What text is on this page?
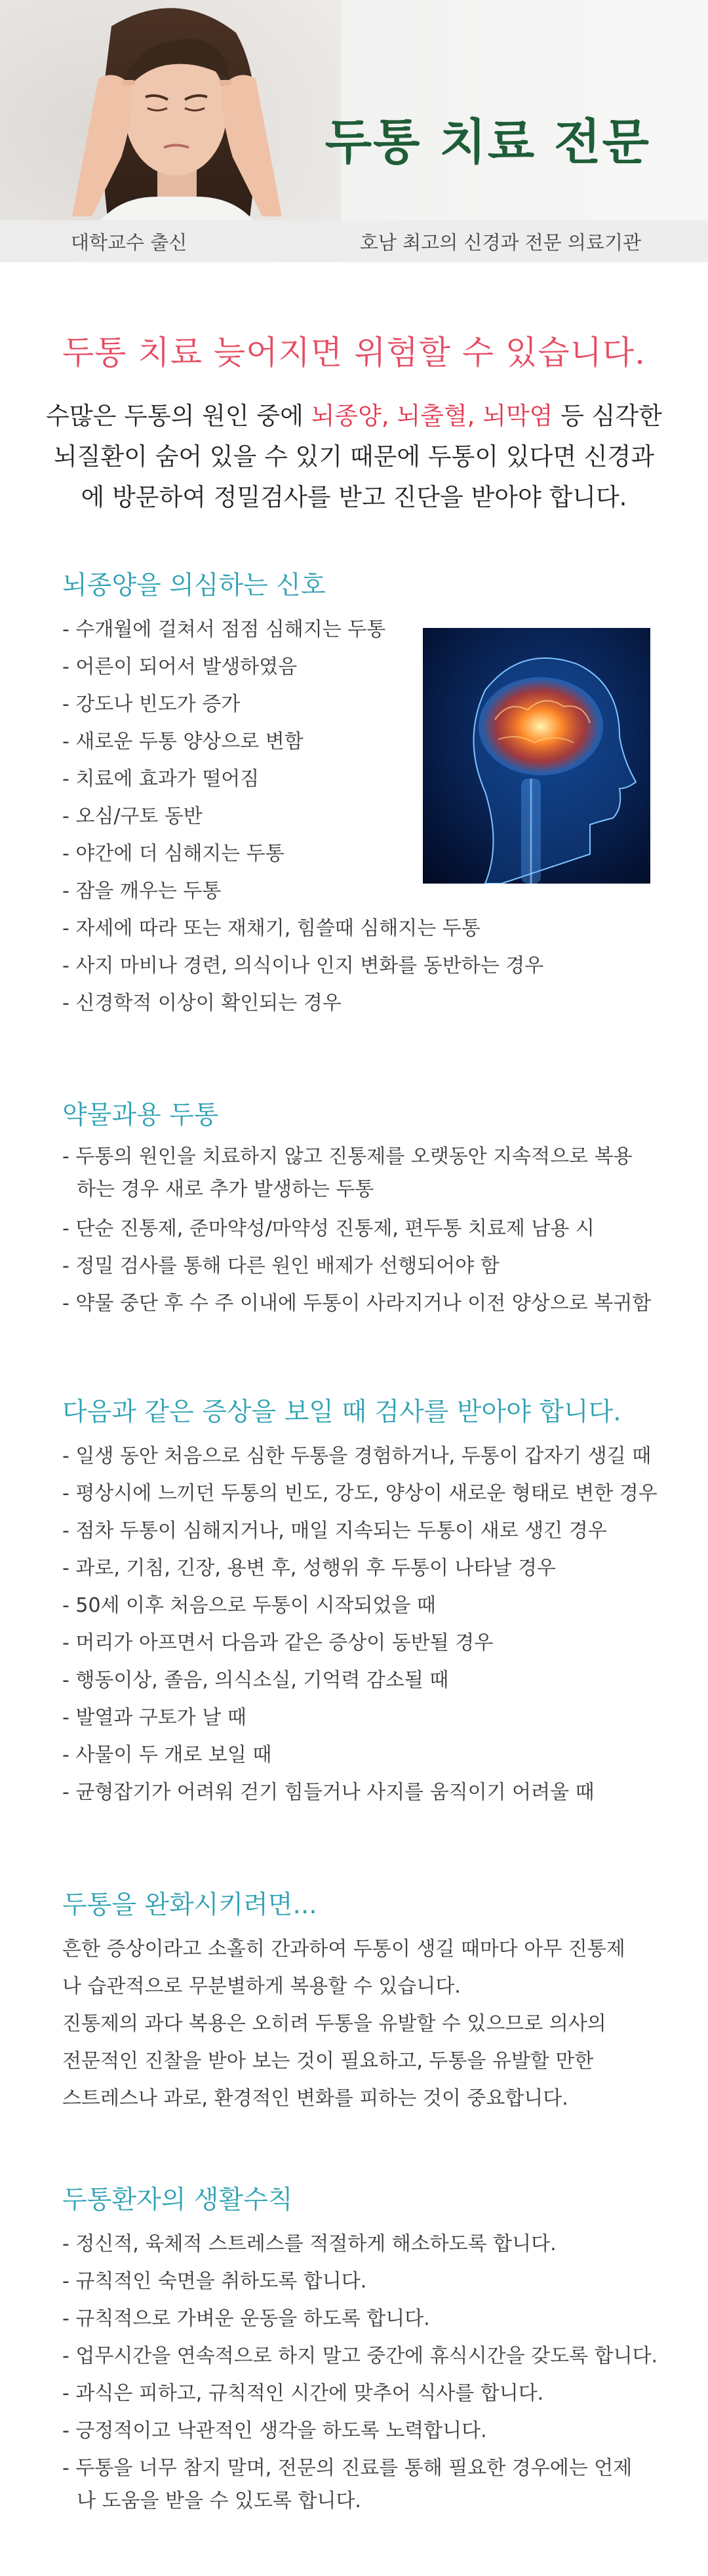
두통 치료 전문
대학교수 출신	호남 최고의 신경과 전문 의료기관
두통 치료 늦어지면 위험할 수 있습니다.

수많은 두통의 원인 중에 뇌종양, 뇌출혈, 뇌막염 등 심각한
뇌질환이 숨어 있을 수 있기 때문에 두통이 있다면 신경과
에 방문하여 정밀검사를 받고 진단을 받아야 합니다.

뇌종양을 의심하는 신호
- 수개월에 걸쳐서 점점 심해지는 두통
- 어른이 되어서 발생하였음
- 강도나 빈도가 증가
- 새로운 두통 양상으로 변함
- 치료에 효과가 떨어짐
- 오심/구토 동반
- 야간에 더 심해지는 두통
- 잠을 깨우는 두통
- 자세에 따라 또는 재채기, 힘쓸때 심해지는 두통
- 사지 마비나 경련, 의식이나 인지 변화를 동반하는 경우
- 신경학적 이상이 확인되는 경우
약물과용 두통
- 두통의 원인을 치료하지 않고 진통제를 오랫동안 지속적으로 복용
하는 경우 새로 추가 발생하는 두통
- 단순 진통제, 준마약성/마약성 진통제, 편두통 치료제 남용 시
- 정밀 검사를 통해 다른 원인 배제가 선행되어야 함
- 약물 중단 후 수 주 이내에 두통이 사라지거나 이전 양상으로 복귀함
다음과 같은 증상을 보일 때 검사를 받아야 합니다.
- 일생 동안 처음으로 심한 두통을 경험하거나, 두통이 갑자기 생길 때
- 평상시에 느끼던 두통의 빈도, 강도, 양상이 새로운 형태로 변한 경우
- 점차 두통이 심해지거나, 매일 지속되는 두통이 새로 생긴 경우
- 과로, 기침, 긴장, 용변 후, 성행위 후 두통이 나타날 경우
- 50세 이후 처음으로 두통이 시작되었을 때
- 머리가 아프면서 다음과 같은 증상이 동반될 경우
- 행동이상, 졸음, 의식소실, 기억력 감소될 때
- 발열과 구토가 날 때
- 사물이 두 개로 보일 때
- 균형잡기가 어려워 걷기 힘들거나 사지를 움직이기 어려울 때
두통을 완화시키려면...

흔한 증상이라고 소홀히 간과하여 두통이 생길 때마다 아무 진통제
나 습관적으로 무분별하게 복용할 수 있습니다.
진통제의 과다 복용은 오히려 두통을 유발할 수 있으므로 의사의
전문적인 진찰을 받아 보는 것이 필요하고, 두통을 유발할 만한
스트레스나 과로, 환경적인 변화를 피하는 것이 중요합니다.

두통환자의 생활수칙
- 정신적, 육체적 스트레스를 적절하게 해소하도록 합니다.
- 규칙적인 숙면을 취하도록 합니다.
- 규칙적으로 가벼운 운동을 하도록 합니다.
- 업무시간을 연속적으로 하지 말고 중간에 휴식시간을 갖도록 합니다.
- 과식은 피하고, 규칙적인 시간에 맞추어 식사를 합니다.
- 긍정적이고 낙관적인 생각을 하도록 노력합니다.
- 두통을 너무 참지 말며, 전문의 진료를 통해 필요한 경우에는 언제
나 도움을 받을 수 있도록 합니다.
